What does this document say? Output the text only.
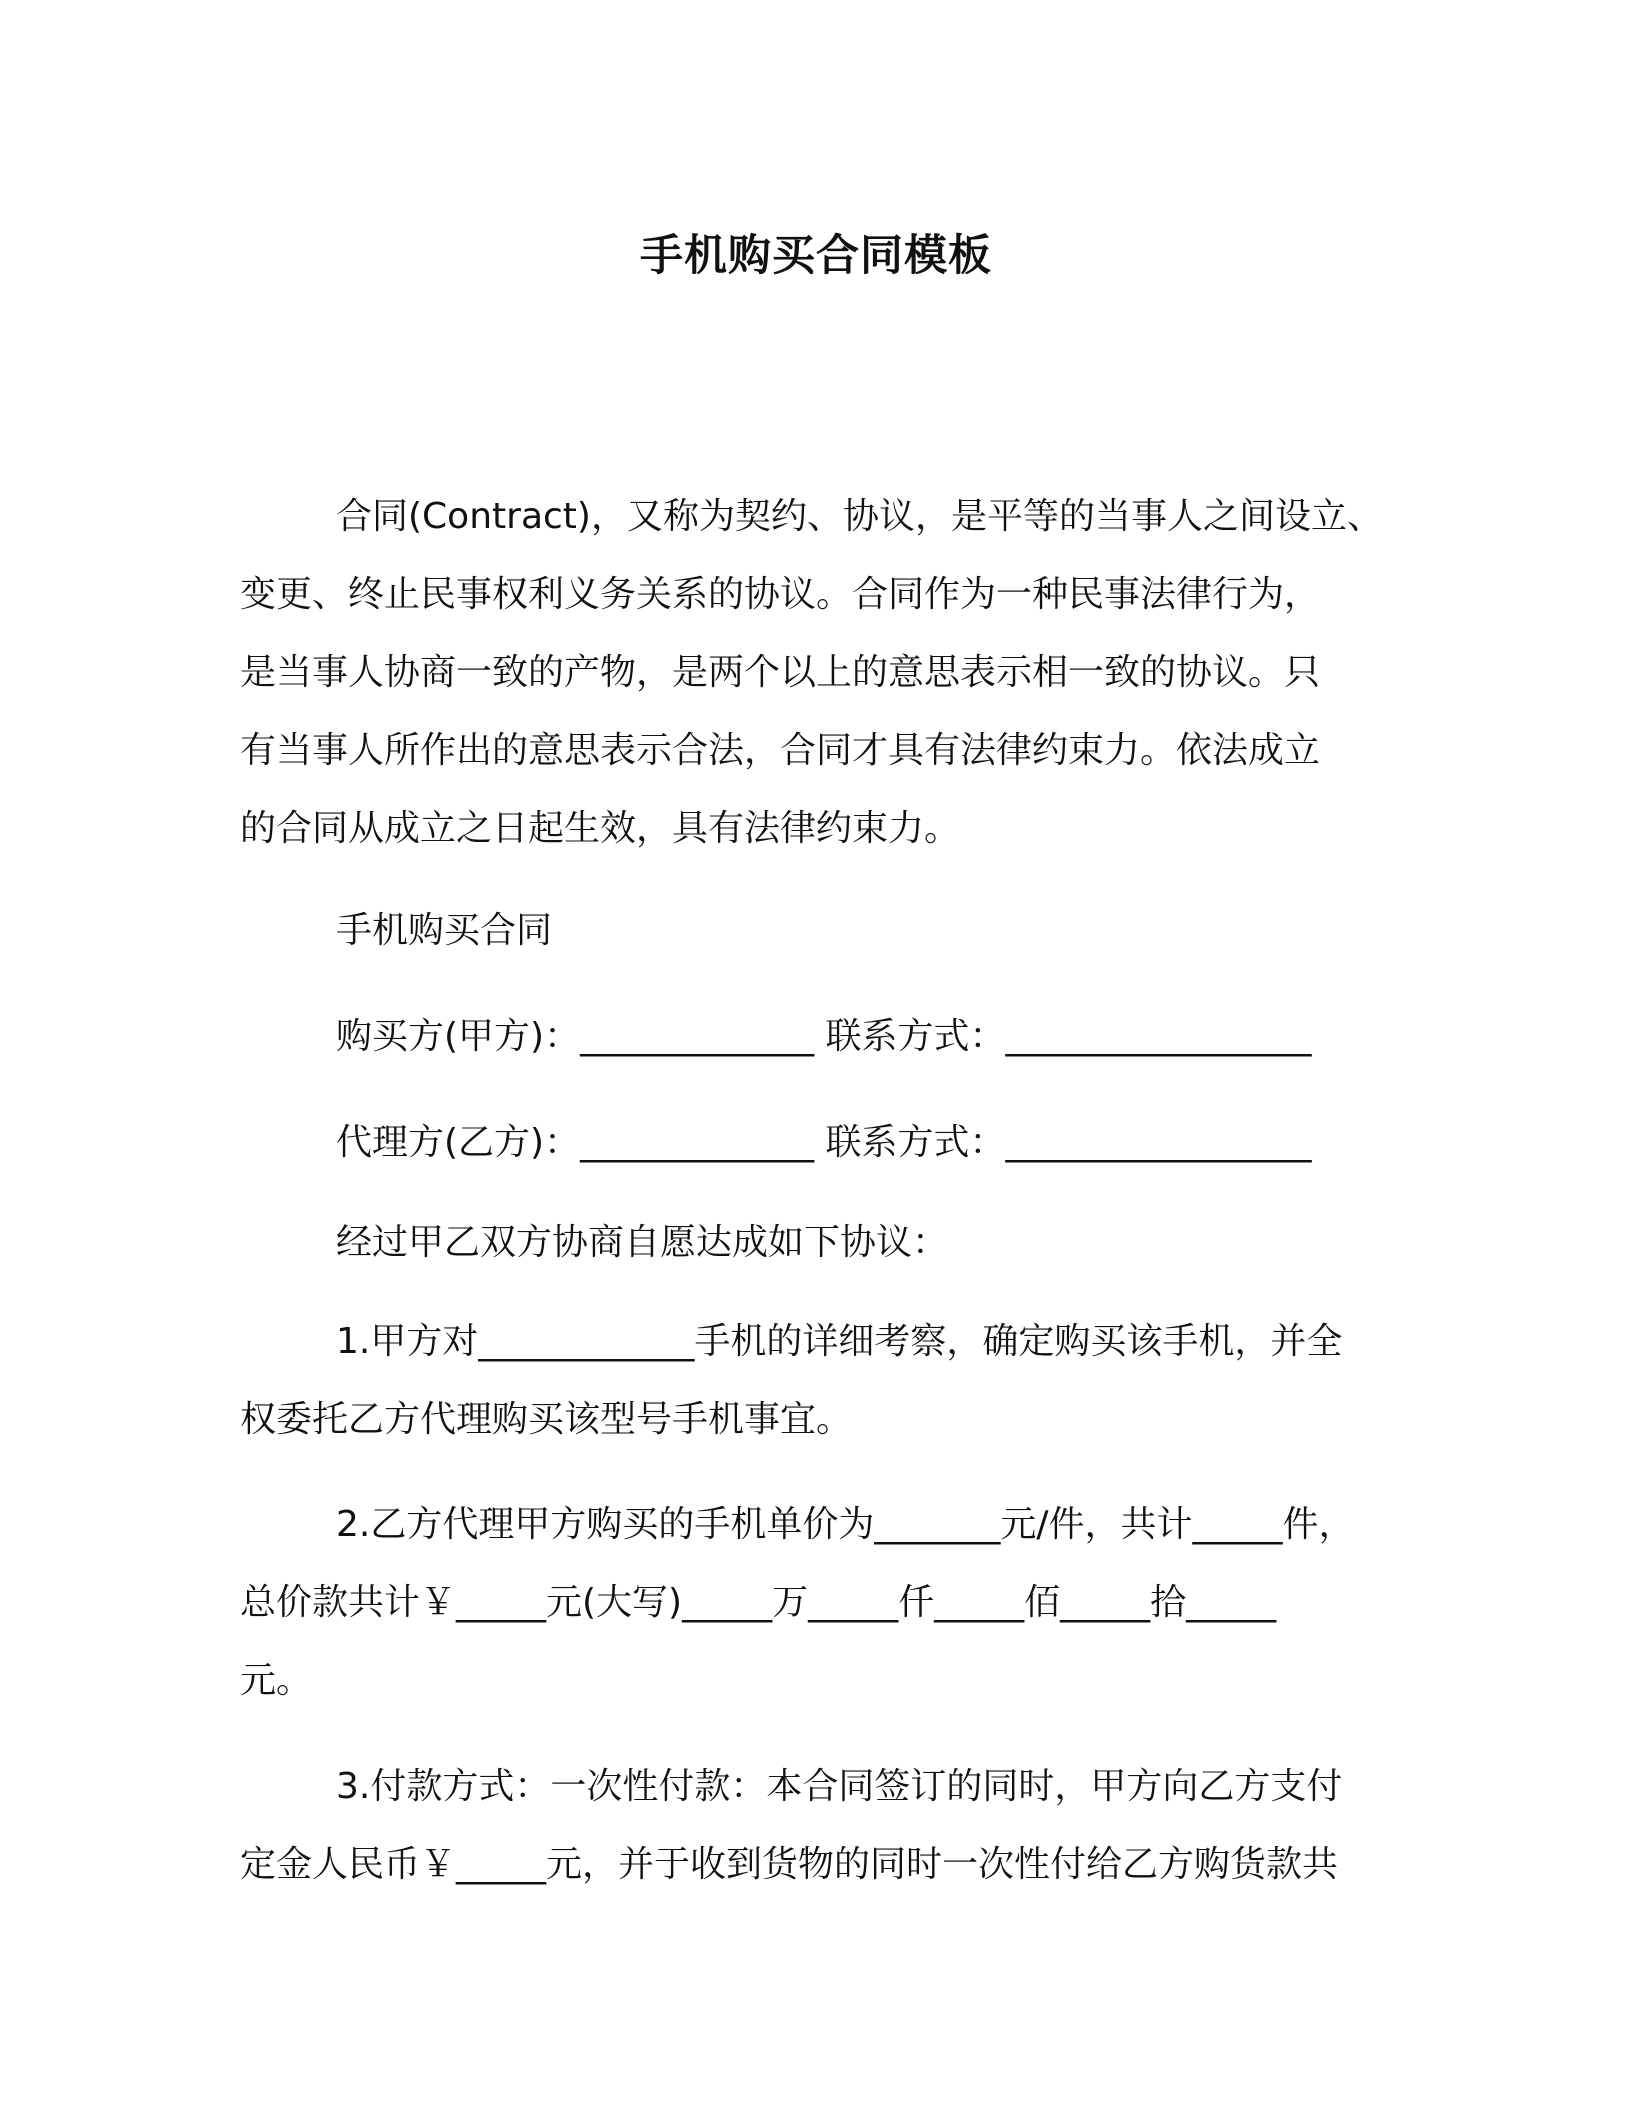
手机购买合同模板

合同(Contract)，又称为契约、协议，是平等的当事人之间设立、
变更、终止民事权利义务关系的协议。合同作为一种民事法律行为，
是当事人协商一致的产物，是两个以上的意思表示相一致的协议。只
有当事人所作出的意思表示合法，合同才具有法律约束力。依法成立
的合同从成立之日起生效，具有法律约束力。

手机购买合同

购买方(甲方)：_____________ 联系方式：_________________

代理方(乙方)：_____________ 联系方式：_________________

经过甲乙双方协商自愿达成如下协议：

1.甲方对____________手机的详细考察，确定购买该手机，并全
权委托乙方代理购买该型号手机事宜。

2.乙方代理甲方购买的手机单价为_______元/件，共计_____件，
总价款共计￥_____元(大写)_____万_____仟_____佰_____拾_____
元。

3.付款方式：一次性付款：本合同签订的同时，甲方向乙方支付
定金人民币￥_____元，并于收到货物的同时一次性付给乙方购货款共
